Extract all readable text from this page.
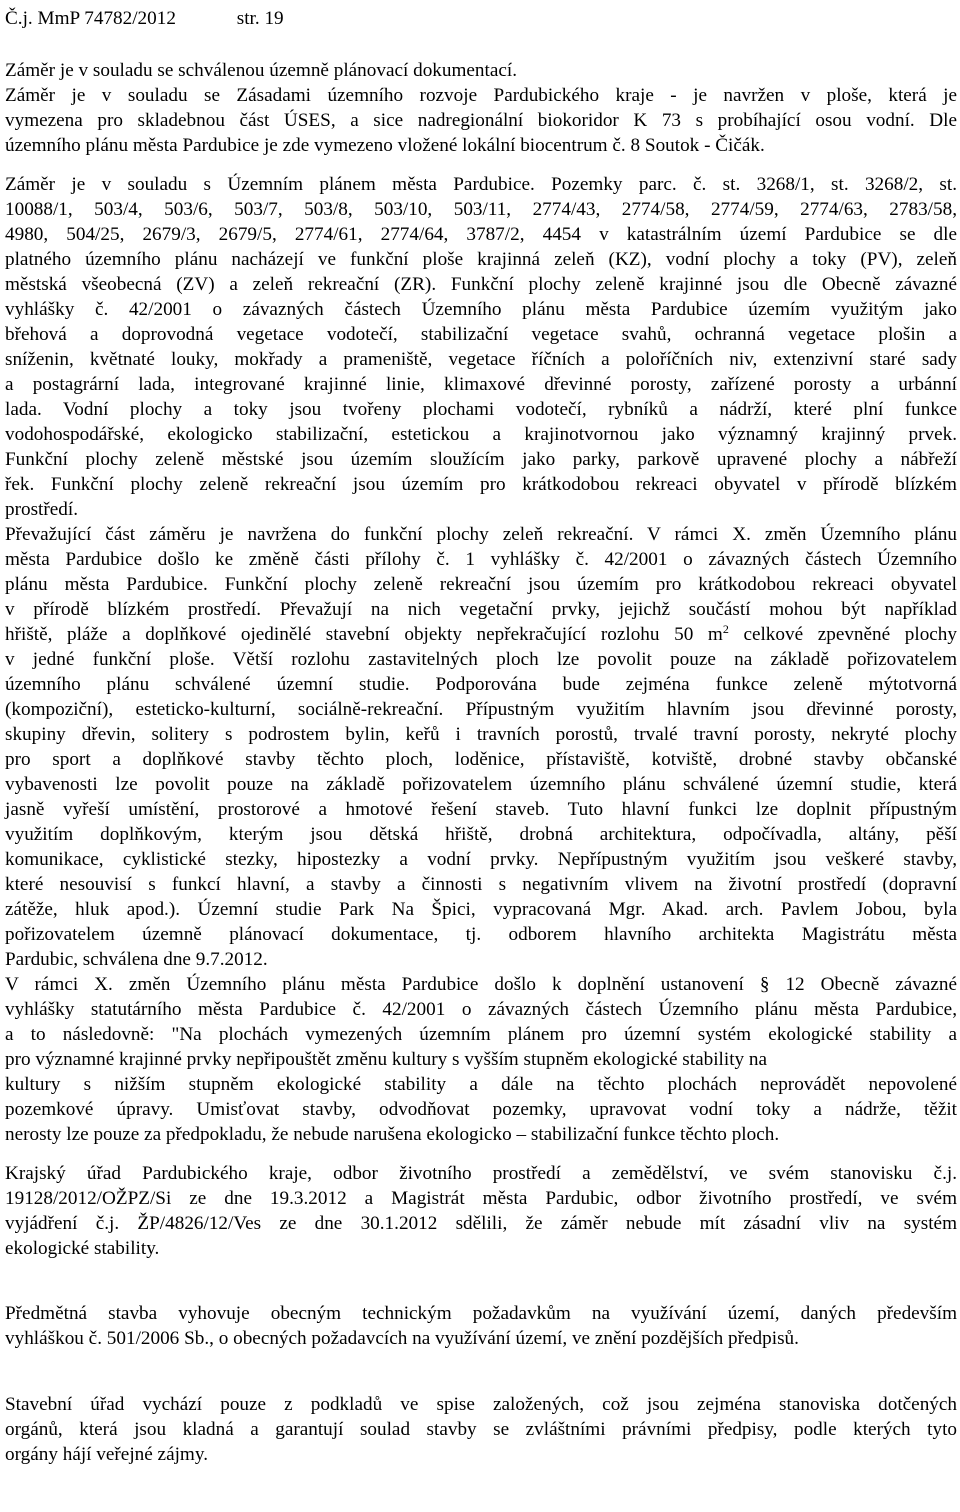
Č.j. MmP 74782/2012	str. 19
Záměr je v souladu se schválenou územně plánovací dokumentací.
Záměr je v souladu se Zásadami územního rozvoje Pardubického kraje - je navržen v ploše, která je
vymezena pro skladebnou část ÚSES, a sice nadregionální biokoridor K 73 s probíhající osou vodní. Dle
územního plánu města Pardubice je zde vymezeno vložené lokální biocentrum č. 8 Soutok - Čičák.
Záměr je v souladu s Územním plánem města Pardubice. Pozemky parc. č. st. 3268/1, st. 3268/2, st.
10088/1, 503/4, 503/6, 503/7, 503/8, 503/10, 503/11, 2774/43, 2774/58, 2774/59, 2774/63, 2783/58,
4980, 504/25, 2679/3, 2679/5, 2774/61, 2774/64, 3787/2, 4454 v katastrálním území Pardubice se dle
platného územního plánu nacházejí ve funkční ploše krajinná zeleň (KZ), vodní plochy a toky (PV), zeleň
městská všeobecná (ZV) a zeleň rekreační (ZR). Funkční plochy zeleně krajinné jsou dle Obecně závazné
vyhlášky č. 42/2001 o závazných částech Územního plánu města Pardubice územím využitým jako
břehová a doprovodná vegetace vodotečí, stabilizační vegetace svahů, ochranná vegetace plošin a
sníženin, květnaté louky, mokřady a prameniště, vegetace říčních a poloříčních niv, extenzivní staré sady
a postagrární lada, integrované krajinné linie, klimaxové dřevinné porosty, zařízené porosty a urbánní
lada. Vodní plochy a toky jsou tvořeny plochami vodotečí, rybníků a nádrží, které plní funkce
vodohospodářské, ekologicko stabilizační, estetickou a krajinotvornou jako významný krajinný prvek.
Funkční plochy zeleně městské jsou územím sloužícím jako parky, parkově upravené plochy a nábřeží
řek. Funkční plochy zeleně rekreační jsou územím pro krátkodobou rekreaci obyvatel v přírodě blízkém
prostředí.
Převažující část záměru je navržena do funkční plochy zeleň rekreační. V rámci X. změn Územního plánu
města Pardubice došlo ke změně části přílohy č. 1 vyhlášky č. 42/2001 o závazných částech Územního
plánu města Pardubice. Funkční plochy zeleně rekreační jsou územím pro krátkodobou rekreaci obyvatel
v přírodě blízkém prostředí. Převažují na nich vegetační prvky, jejichž součástí mohou být například
hřiště, pláže a doplňkové ojedinělé stavební objekty nepřekračující rozlohu 50 $m^2$ celkové zpevněné plochy
v jedné funkční ploše. Větší rozlohu zastavitelných ploch lze povolit pouze na základě pořizovatelem
územního plánu schválené územní studie. Podporována bude zejména funkce zeleně mýtotvorná
(kompoziční), esteticko-kulturní, sociálně-rekreační. Přípustným využitím hlavním jsou dřevinné porosty,
skupiny dřevin, solitery s podrostem bylin, keřů i travních porostů, trvalé travní porosty, nekryté plochy
pro sport a doplňkové stavby těchto ploch, loděnice, přístaviště, kotviště, drobné stavby občanské
vybavenosti lze povolit pouze na základě pořizovatelem územního plánu schválené územní studie, která
jasně vyřeší umístění, prostorové a hmotové řešení staveb. Tuto hlavní funkci lze doplnit přípustným
využitím doplňkovým, kterým jsou dětská hřiště, drobná architektura, odpočívadla, altány, pěší
komunikace, cyklistické stezky, hipostezky a vodní prvky. Nepřípustným využitím jsou veškeré stavby,
které nesouvisí s funkcí hlavní, a stavby a činnosti s negativním vlivem na životní prostředí (dopravní
zátěže, hluk apod.). Územní studie Park Na Špici, vypracovaná Mgr. Akad. arch. Pavlem Jobou, byla
pořizovatelem územně plánovací dokumentace, tj. odborem hlavního architekta Magistrátu města
Pardubic, schválena dne 9.7.2012.
V rámci X. změn Územního plánu města Pardubice došlo k doplnění ustanovení § 12 Obecně závazné
vyhlášky statutárního města Pardubice č. 42/2001 o závazných částech Územního plánu města Pardubice,
a to následovně: "Na plochách vymezených územním plánem pro územní systém ekologické stability a
pro významné krajinné prvky nepřipouštět změnu kultury s vyšším stupněm ekologické stability na
kultury s nižším stupněm ekologické stability a dále na těchto plochách neprovádět nepovolené
pozemkové úpravy. Umisťovat stavby, odvodňovat pozemky, upravovat vodní toky a nádrže, těžit
nerosty lze pouze za předpokladu, že nebude narušena ekologicko – stabilizační funkce těchto ploch.
Krajský úřad Pardubického kraje, odbor životního prostředí a zemědělství, ve svém stanovisku č.j.
19128/2012/OŽPZ/Si ze dne 19.3.2012 a Magistrát města Pardubic, odbor životního prostředí, ve svém
vyjádření č.j. ŽP/4826/12/Ves ze dne 30.1.2012 sdělili, že záměr nebude mít zásadní vliv na systém
ekologické stability.
Předmětná stavba vyhovuje obecným technickým požadavkům na využívání území, daných především
vyhláškou č. 501/2006 Sb., o obecných požadavcích na využívání území, ve znění pozdějších předpisů.
Stavební úřad vychází pouze z podkladů ve spise založených, což jsou zejména stanoviska dotčených
orgánů, která jsou kladná a garantují soulad stavby se zvláštními právními předpisy, podle kterých tyto
orgány hájí veřejné zájmy.
